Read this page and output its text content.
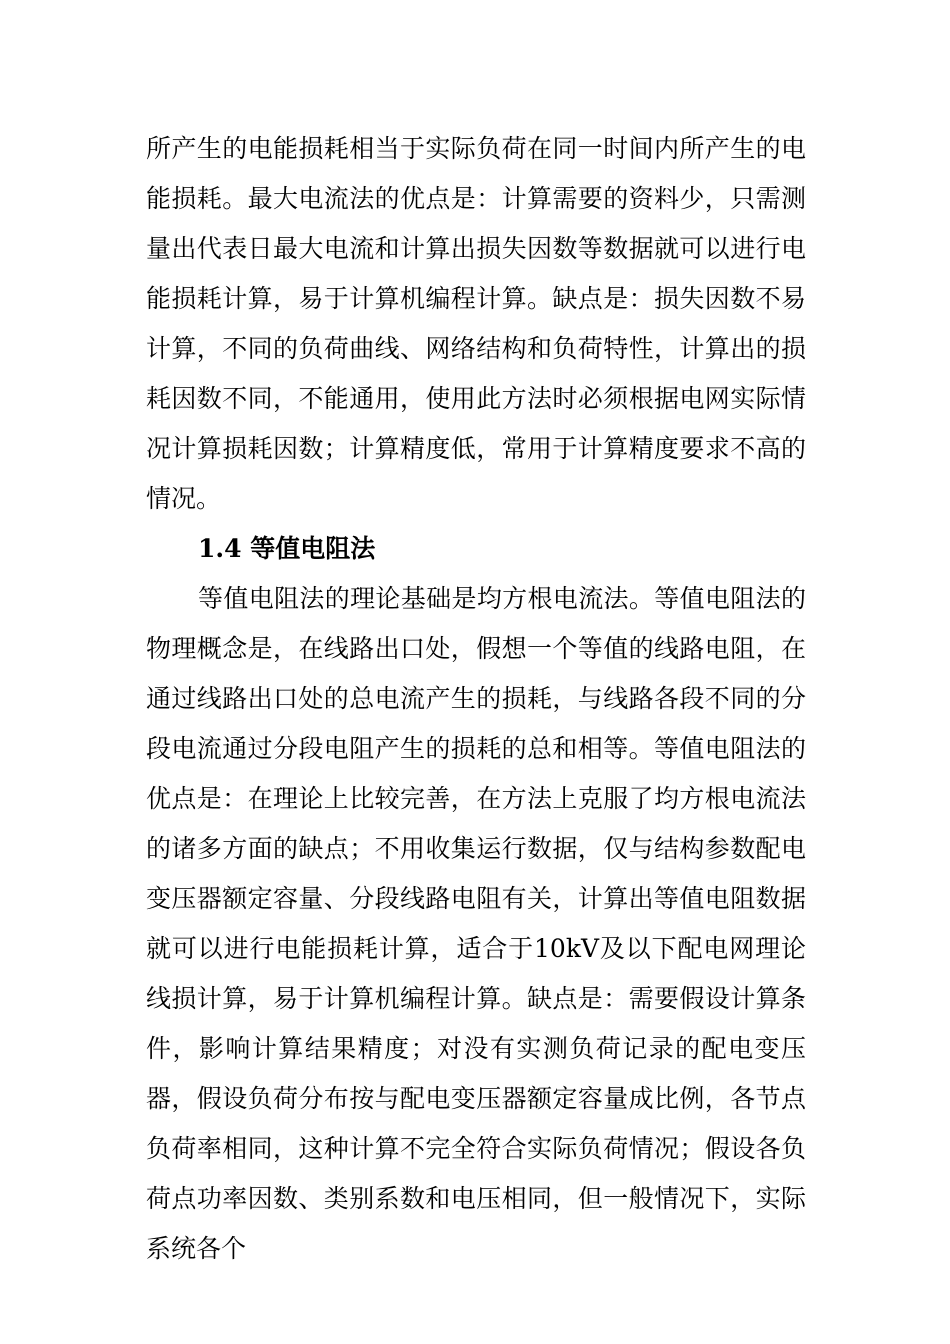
所产生的电能损耗相当于实际负荷在同一时间内所产生的电能损耗。最大电流法的优点是：计算需要的资料少，只需测量出代表日最大电流和计算出损失因数等数据就可以进行电能损耗计算，易于计算机编程计算。缺点是：损失因数不易计算，不同的负荷曲线、网络结构和负荷特性，计算出的损耗因数不同，不能通用，使用此方法时必须根据电网实际情况计算损耗因数；计算精度低，常用于计算精度要求不高的情况。

1.4 等值电阻法

等值电阻法的理论基础是均方根电流法。等值电阻法的物理概念是，在线路出口处，假想一个等值的线路电阻，在通过线路出口处的总电流产生的损耗，与线路各段不同的分段电流通过分段电阻产生的损耗的总和相等。等值电阻法的优点是：在理论上比较完善，在方法上克服了均方根电流法的诸多方面的缺点；不用收集运行数据，仅与结构参数配电变压器额定容量、分段线路电阻有关，计算出等值电阻数据就可以进行电能损耗计算，适合于10kV及以下配电网理论线损计算，易于计算机编程计算。缺点是：需要假设计算条件，影响计算结果精度；对没有实测负荷记录的配电变压器，假设负荷分布按与配电变压器额定容量成比例，各节点负荷率相同，这种计算不完全符合实际负荷情况；假设各负荷点功率因数、类别系数和电压相同，但一般情况下，实际系统各个
